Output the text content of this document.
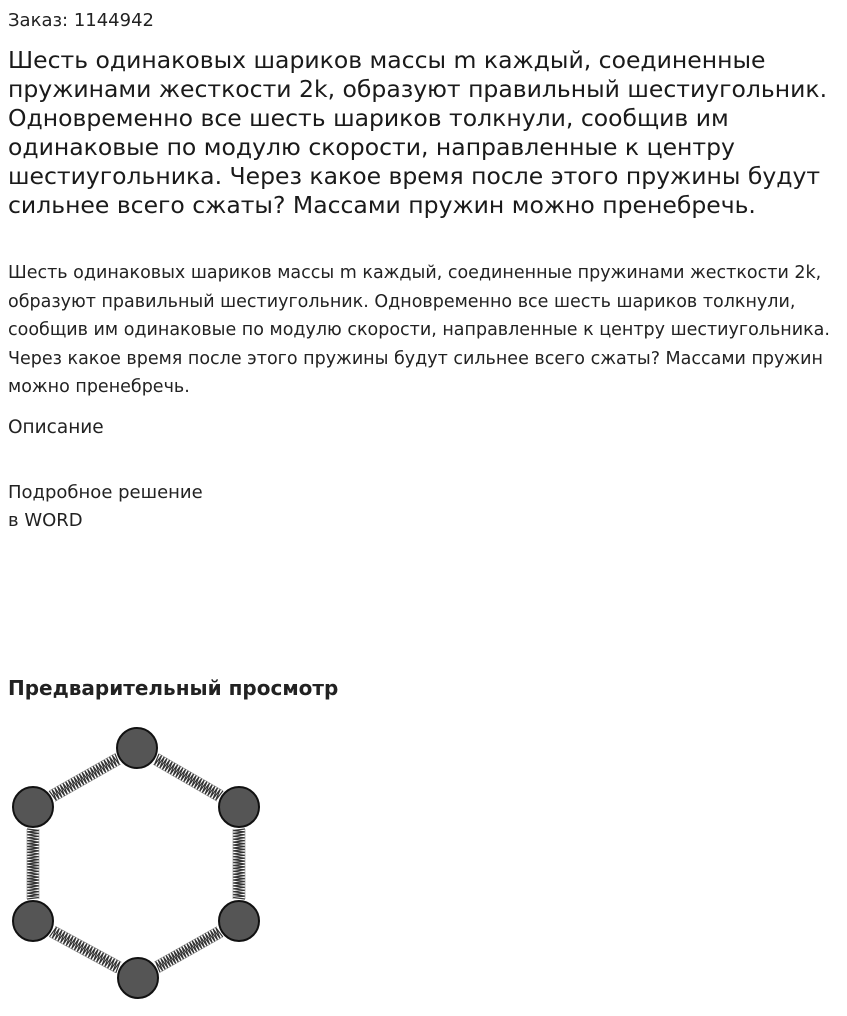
Заказ: 1144942
Шесть одинаковых шариков массы m каждый, соединенные пружинами жесткости 2k, образуют правильный шестиугольник. Одновременно все шесть шариков толкнули, сообщив им одинаковые по модулю скорости, направленные к центру шестиугольника. Через какое время после этого пружины будут сильнее всего сжаты? Массами пружин можно пренебречь.

Шесть одинаковых шариков массы m каждый, соединенные пружинами жесткости 2k, образуют правильный шестиугольник. Одновременно все шесть шариков толкнули, сообщив им одинаковые по модулю скорости, направленные к центру шестиугольника. Через какое время после этого пружины будут сильнее всего сжаты? Массами пружин можно пренебречь.

Описание
Подробное решение
в WORD
Предварительный просмотр
